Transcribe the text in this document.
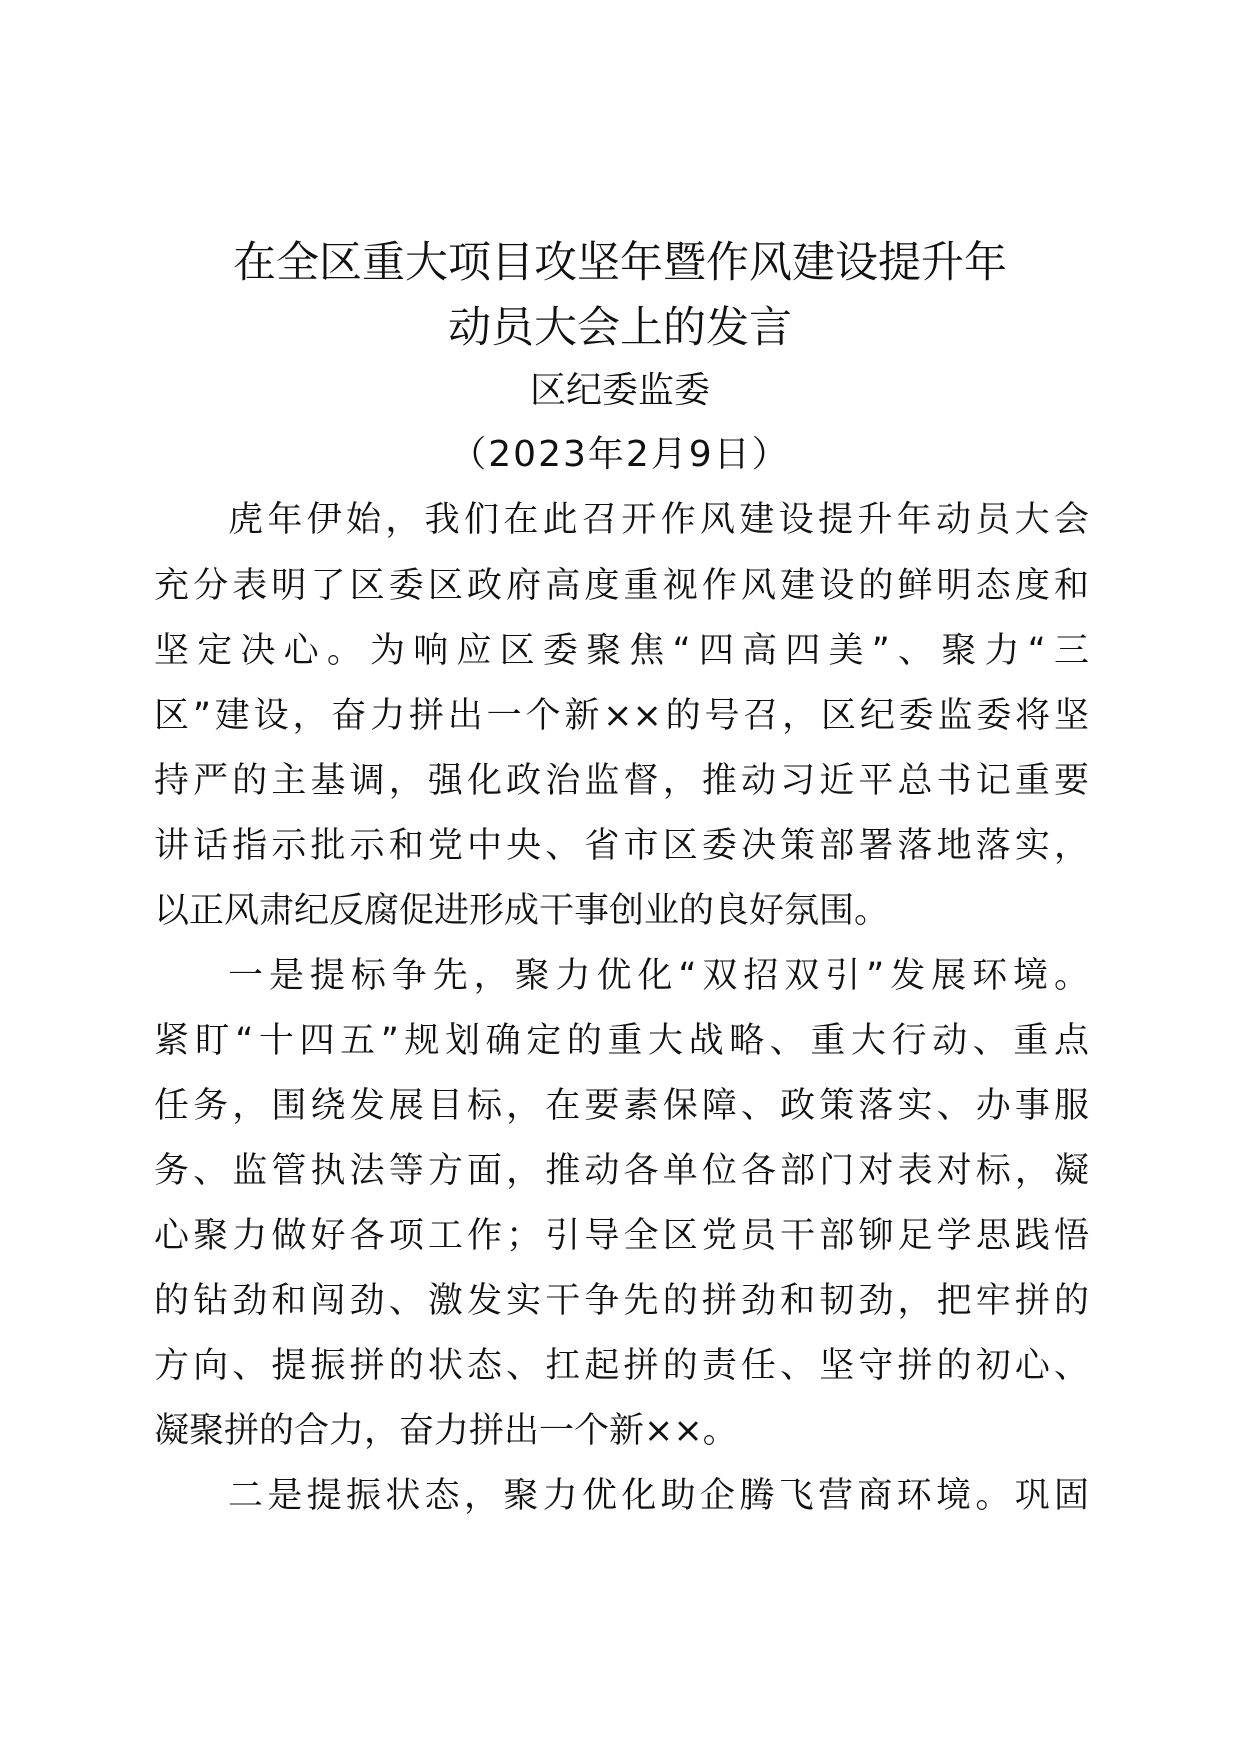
在全区重大项目攻坚年暨作风建设提升年
动员大会上的发言
区纪委监委
（2023年2月9日）
虎年伊始，我们在此召开作风建设提升年动员大会
充分表明了区委区政府高度重视作风建设的鲜明态度和
坚定决心。为响应区委聚焦“四高四美”、聚力“三
区”建设，奋力拼出一个新××的号召，区纪委监委将坚
持严的主基调，强化政治监督，推动习近平总书记重要
讲话指示批示和党中央、省市区委决策部署落地落实，
以正风肃纪反腐促进形成干事创业的良好氛围。
一是提标争先，聚力优化“双招双引”发展环境。
紧盯“十四五”规划确定的重大战略、重大行动、重点
任务，围绕发展目标，在要素保障、政策落实、办事服
务、监管执法等方面，推动各单位各部门对表对标，凝
心聚力做好各项工作；引导全区党员干部铆足学思践悟
的钻劲和闯劲、激发实干争先的拼劲和韧劲，把牢拼的
方向、提振拼的状态、扛起拼的责任、坚守拼的初心、
凝聚拼的合力，奋力拼出一个新××。
二是提振状态，聚力优化助企腾飞营商环境。巩固
